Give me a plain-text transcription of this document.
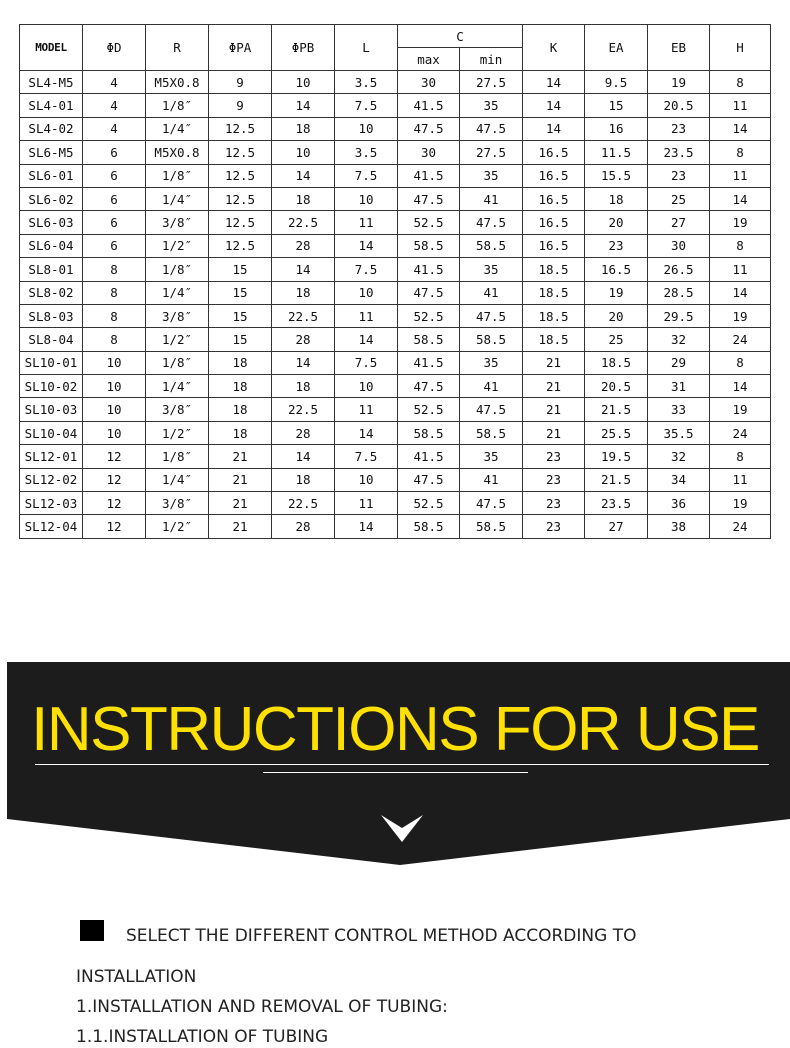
MODEL	ΦD	R	ΦPA	ΦPB	L	C		K	EA	EB	H
						max	min				
SL4-M5	4	M5X0.8	9	10	3.5	30	27.5	14	9.5	19	8
SL4-01	4	1/8″	9	14	7.5	41.5	35	14	15	20.5	11
SL4-02	4	1/4″	12.5	18	10	47.5	47.5	14	16	23	14
SL6-M5	6	M5X0.8	12.5	10	3.5	30	27.5	16.5	11.5	23.5	8
SL6-01	6	1/8″	12.5	14	7.5	41.5	35	16.5	15.5	23	11
SL6-02	6	1/4″	12.5	18	10	47.5	41	16.5	18	25	14
SL6-03	6	3/8″	12.5	22.5	11	52.5	47.5	16.5	20	27	19
SL6-04	6	1/2″	12.5	28	14	58.5	58.5	16.5	23	30	8
SL8-01	8	1/8″	15	14	7.5	41.5	35	18.5	16.5	26.5	11
SL8-02	8	1/4″	15	18	10	47.5	41	18.5	19	28.5	14
SL8-03	8	3/8″	15	22.5	11	52.5	47.5	18.5	20	29.5	19
SL8-04	8	1/2″	15	28	14	58.5	58.5	18.5	25	32	24
SL10-01	10	1/8″	18	14	7.5	41.5	35	21	18.5	29	8
SL10-02	10	1/4″	18	18	10	47.5	41	21	20.5	31	14
SL10-03	10	3/8″	18	22.5	11	52.5	47.5	21	21.5	33	19
SL10-04	10	1/2″	18	28	14	58.5	58.5	21	25.5	35.5	24
SL12-01	12	1/8″	21	14	7.5	41.5	35	23	19.5	32	8
SL12-02	12	1/4″	21	18	10	47.5	41	23	21.5	34	11
SL12-03	12	3/8″	21	22.5	11	52.5	47.5	23	23.5	36	19
SL12-04	12	1/2″	21	28	14	58.5	58.5	23	27	38	24
INSTRUCTIONS FOR USE
SELECT THE DIFFERENT CONTROL METHOD ACCORDING TO
INSTALLATION
1.INSTALLATION AND REMOVAL OF TUBING:
1.1.INSTALLATION OF TUBING
